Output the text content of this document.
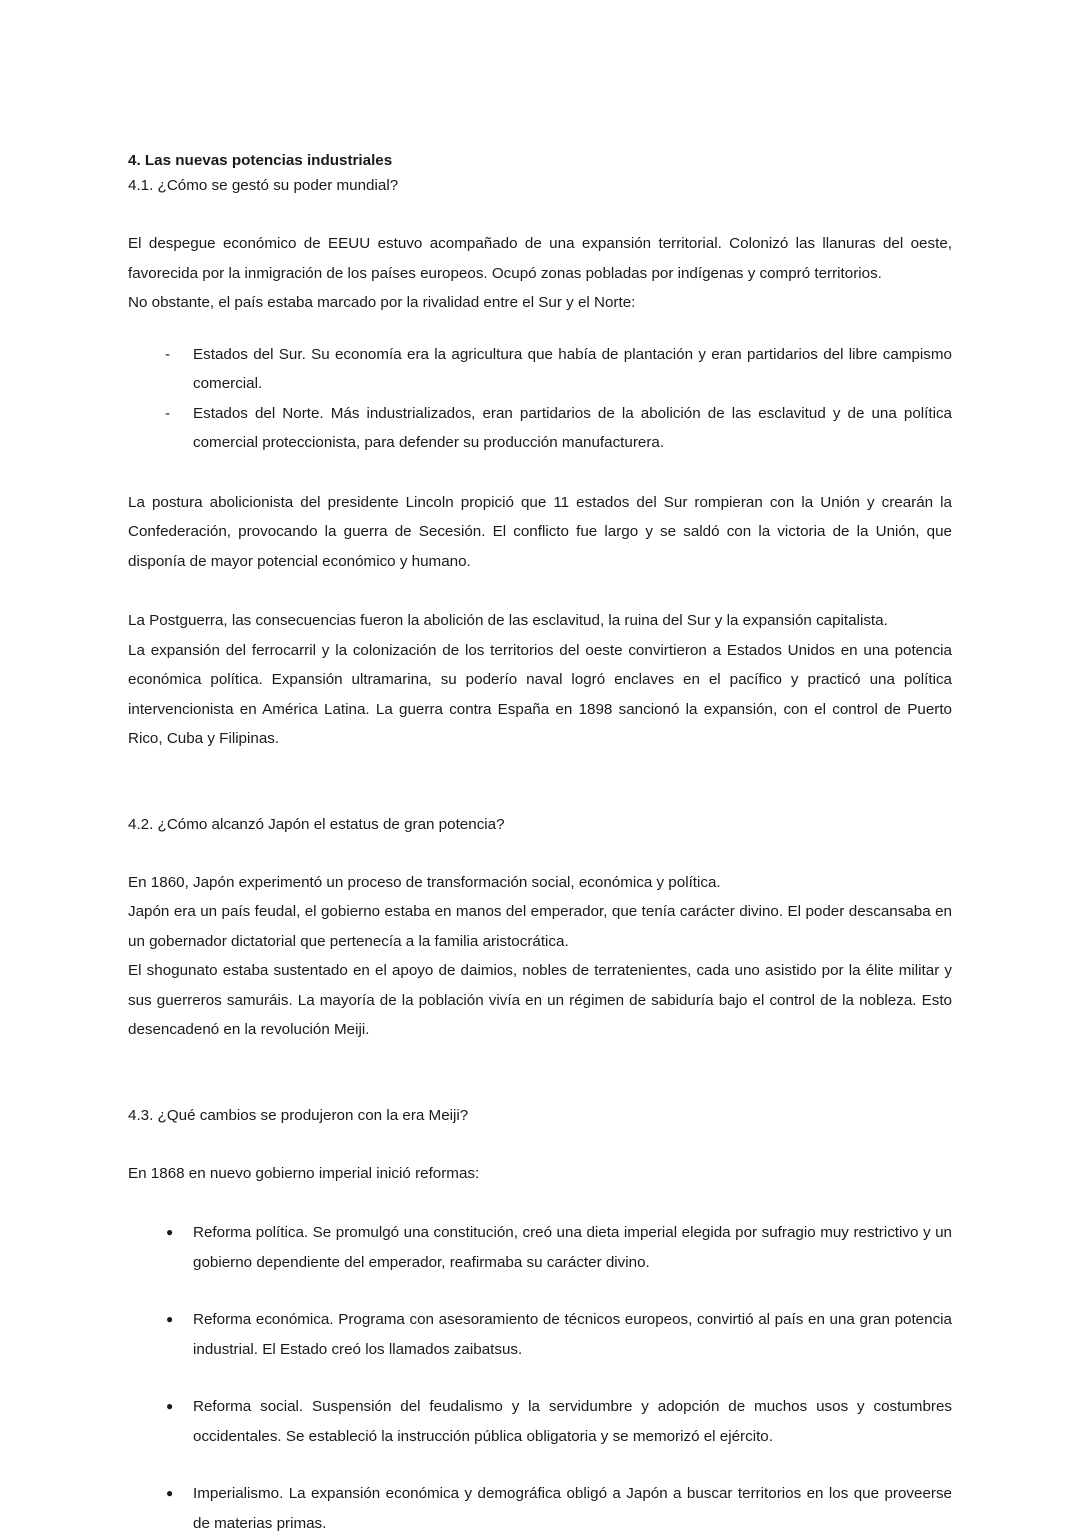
4. Las nuevas potencias industriales

4.1. ¿Cómo se gestó su poder mundial?

El despegue económico de EEUU estuvo acompañado de una expansión territorial. Colonizó las llanuras del oeste, favorecida por la inmigración de los países europeos. Ocupó zonas pobladas por indígenas y compró territorios.

No obstante, el país estaba marcado por la rivalidad entre el Sur y el Norte:

- Estados del Sur. Su economía era la agricultura que había de plantación y eran partidarios del libre campismo comercial.
- Estados del Norte. Más industrializados, eran partidarios de la abolición de las esclavitud y de una política comercial proteccionista, para defender su producción manufacturera.

La postura abolicionista del presidente Lincoln propició que 11 estados del Sur rompieran con la Unión y crearán la Confederación, provocando la guerra de Secesión. El conflicto fue largo y se saldó con la victoria de la Unión, que disponía de mayor potencial económico y humano.

La Postguerra, las consecuencias fueron la abolición de las esclavitud, la ruina del Sur y la expansión capitalista.

La expansión del ferrocarril y la colonización de los territorios del oeste convirtieron a Estados Unidos en una potencia económica política. Expansión ultramarina, su poderío naval logró enclaves en el pacífico y practicó una política intervencionista en América Latina. La guerra contra España en 1898 sancionó la expansión, con el control de Puerto Rico, Cuba y Filipinas.

4.2. ¿Cómo alcanzó Japón el estatus de gran potencia?

En 1860, Japón experimentó un proceso de transformación social, económica y política.

Japón era un país feudal, el gobierno estaba en manos del emperador, que tenía carácter divino. El poder descansaba en un gobernador dictatorial que pertenecía a la familia aristocrática.

El shogunato estaba sustentado en el apoyo de daimios, nobles de terratenientes, cada uno asistido por la élite militar y sus guerreros samuráis. La mayoría de la población vivía en un régimen de sabiduría bajo el control de la nobleza. Esto desencadenó en la revolución Meiji.

4.3. ¿Qué cambios se produjeron con la era Meiji?

En 1868 en nuevo gobierno imperial inició reformas:

● Reforma política. Se promulgó una constitución, creó una dieta imperial elegida por sufragio muy restrictivo y un gobierno dependiente del emperador, reafirmaba su carácter divino.
● Reforma económica. Programa con asesoramiento de técnicos europeos, convirtió al país en una gran potencia industrial. El Estado creó los llamados zaibatsus.
● Reforma social. Suspensión del feudalismo y la servidumbre y adopción de muchos usos y costumbres occidentales. Se estableció la instrucción pública obligatoria y se memorizó el ejército.
● Imperialismo. La expansión económica y demográfica obligó a Japón a buscar territorios en los que proveerse de materias primas.
